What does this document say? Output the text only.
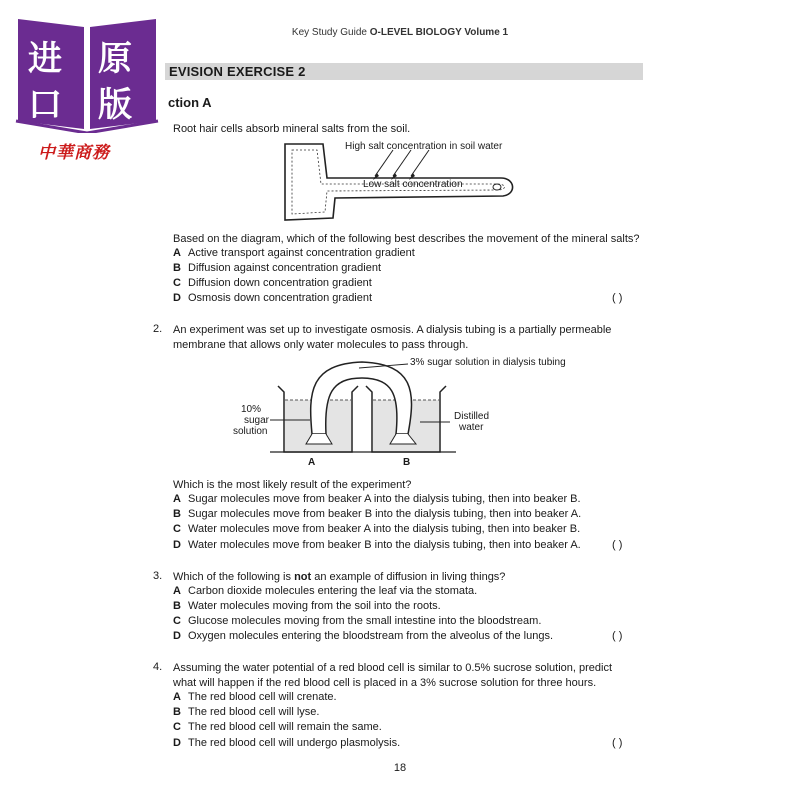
Key Study Guide O-LEVEL BIOLOGY Volume 1
进 原
口 版
中華商務
EVISION EXERCISE 2
ction A
Root hair cells absorb mineral salts from the soil.
High salt concentration in soil water
Low salt concentration
Based on the diagram, which of the following best describes the movement of the mineral salts?
A Active transport against concentration gradient
B Diffusion against concentration gradient
C Diffusion down concentration gradient
D Osmosis down concentration gradient	( )
2. An experiment was set up to investigate osmosis. A dialysis tubing is a partially permeable
membrane that allows only water molecules to pass through.
3% sugar solution in dialysis tubing
10%
sugar
solution
Distilled
water
A	B
Which is the most likely result of the experiment?
A Sugar molecules move from beaker A into the dialysis tubing, then into beaker B.
B Sugar molecules move from beaker B into the dialysis tubing, then into beaker A.
C Water molecules move from beaker A into the dialysis tubing, then into beaker B.
D Water molecules move from beaker B into the dialysis tubing, then into beaker A.	( )
3. Which of the following is not an example of diffusion in living things?
A Carbon dioxide molecules entering the leaf via the stomata.
B Water molecules moving from the soil into the roots.
C Glucose molecules moving from the small intestine into the bloodstream.
D Oxygen molecules entering the bloodstream from the alveolus of the lungs.	( )
4. Assuming the water potential of a red blood cell is similar to 0.5% sucrose solution, predict
what will happen if the red blood cell is placed in a 3% sucrose solution for three hours.
A The red blood cell will crenate.
B The red blood cell will lyse.
C The red blood cell will remain the same.
D The red blood cell will undergo plasmolysis.	( )
18
